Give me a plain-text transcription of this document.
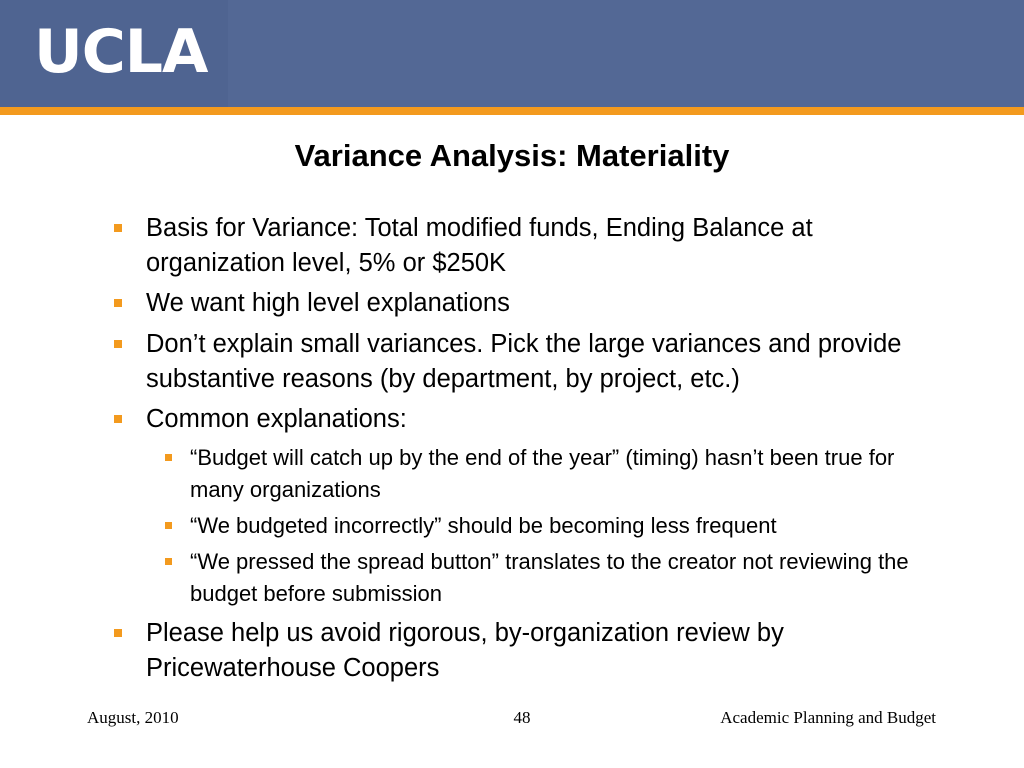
UCLA
Variance Analysis: Materiality
Basis for Variance: Total modified funds, Ending Balance at organization level, 5% or $250K
We want high level explanations
Don’t explain small variances. Pick the large variances and provide substantive reasons (by department, by project, etc.)
Common explanations:
“Budget will catch up by the end of the year” (timing) hasn’t been true for many organizations
“We budgeted incorrectly” should be becoming less frequent
“We pressed the spread button” translates to the creator not reviewing the budget before submission
Please help us avoid rigorous, by-organization review by Pricewaterhouse Coopers
August, 2010	48	Academic Planning and Budget
